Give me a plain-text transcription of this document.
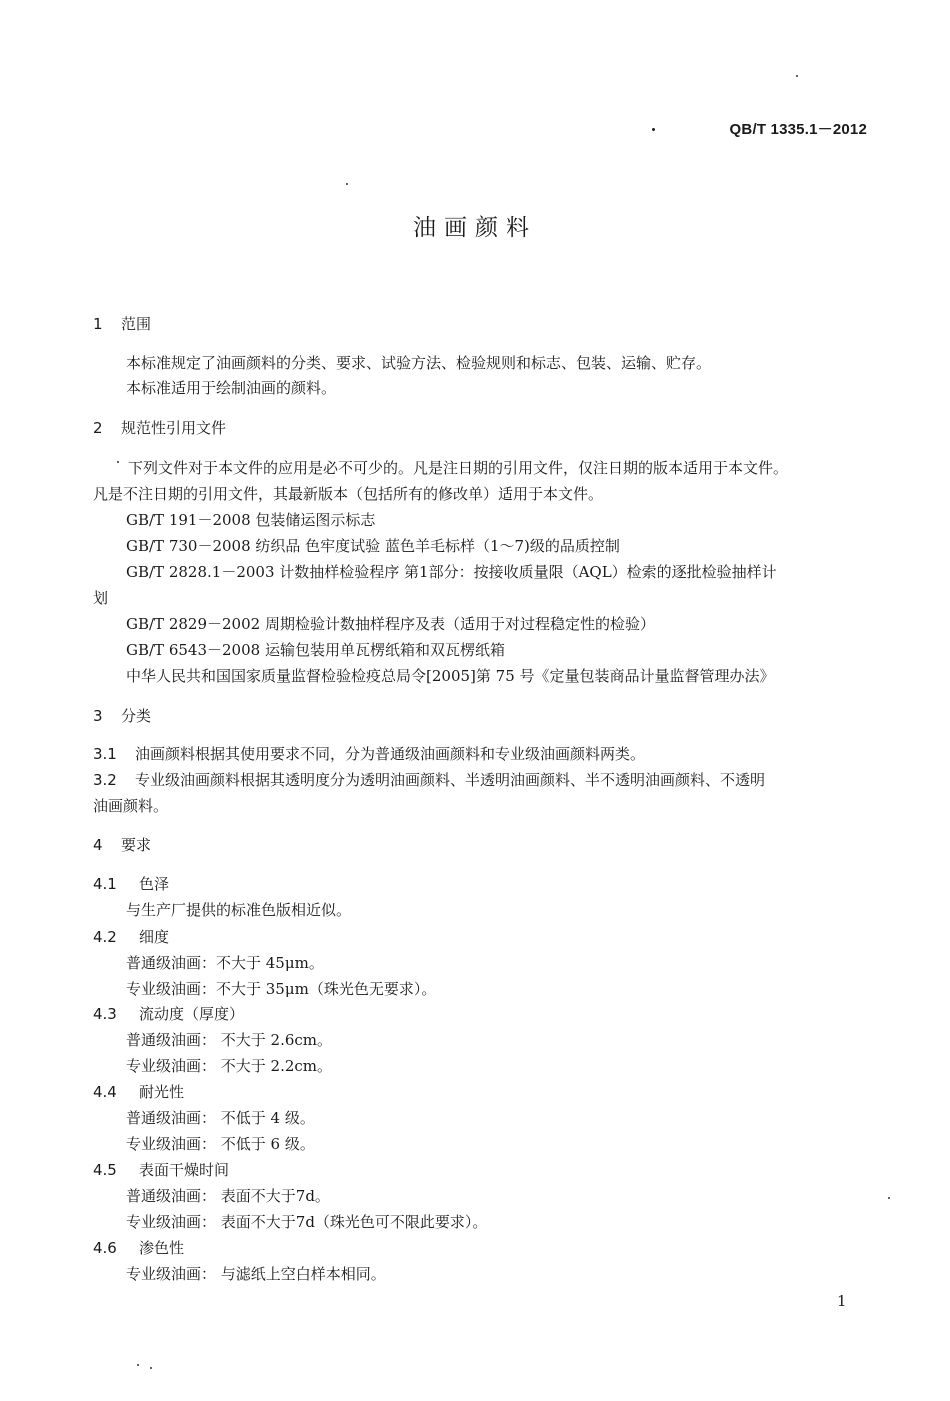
QB/T 1335.1－2012
油画颜料
1 范围
本标准规定了油画颜料的分类、要求、试验方法、检验规则和标志、包装、运输、贮存。
本标准适用于绘制油画的颜料。
2 规范性引用文件
下列文件对于本文件的应用是必不可少的。凡是注日期的引用文件，仅注日期的版本适用于本文件。
凡是不注日期的引用文件，其最新版本（包括所有的修改单）适用于本文件。
GB/T 191－2008 包装储运图示标志
GB/T 730－2008 纺织品 色牢度试验 蓝色羊毛标样（1～7)级的品质控制
GB/T 2828.1－2003 计数抽样检验程序 第1部分：按接收质量限（AQL）检索的逐批检验抽样计
划
GB/T 2829－2002 周期检验计数抽样程序及表（适用于对过程稳定性的检验）
GB/T 6543－2008 运输包装用单瓦楞纸箱和双瓦楞纸箱
中华人民共和国国家质量监督检验检疫总局令[2005]第 75 号《定量包装商品计量监督管理办法》
3 分类
3.1 油画颜料根据其使用要求不同，分为普通级油画颜料和专业级油画颜料两类。
3.2 专业级油画颜料根据其透明度分为透明油画颜料、半透明油画颜料、半不透明油画颜料、不透明
油画颜料。
4 要求
4.1 色泽
与生产厂提供的标准色版相近似。
4.2 细度
普通级油画：不大于 45μm。
专业级油画：不大于 35μm（珠光色无要求）。
4.3 流动度（厚度）
普通级油画： 不大于 2.6cm。
专业级油画： 不大于 2.2cm。
4.4 耐光性
普通级油画： 不低于 4 级。
专业级油画： 不低于 6 级。
4.5 表面干燥时间
普通级油画： 表面不大于7d。
专业级油画： 表面不大于7d（珠光色可不限此要求）。
4.6 渗色性
专业级油画： 与滤纸上空白样本相同。
1
